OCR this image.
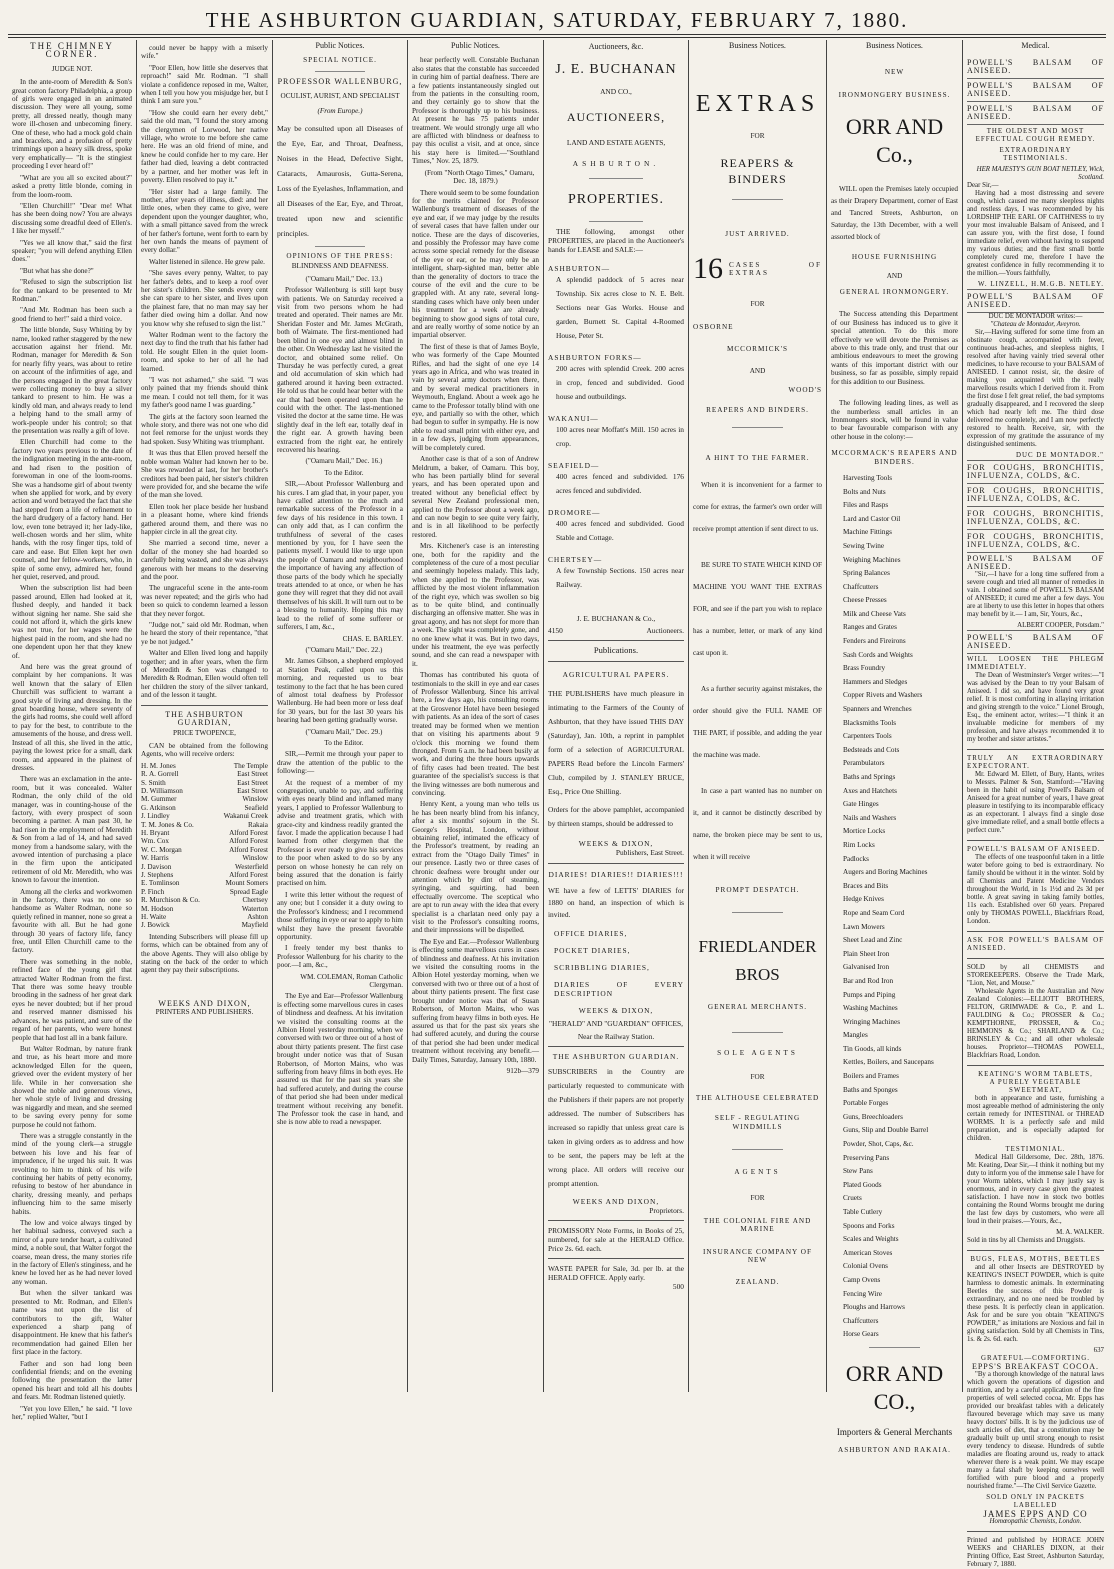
THE ASHBURTON GUARDIAN, SATURDAY, FEBRUARY 7, 1880.
THE CHIMNEY CORNER.
JUDGE NOT.

In the ante-room of Meredith & Son's great cotton factory Philadelphia, a group of girls were engaged in an animated discussion. They were all young, some pretty, all dressed neatly, though many wore ill-chosen and unbecoming finery. One of these, who had a mock gold chain and bracelets, and a profusion of pretty trimmings upon a heavy silk dress, spoke very emphatically— "It is the stingiest proceeding I ever heard of!"

"What are you all so excited about?" asked a pretty little blonde, coming in from the loom-room.

"Ellen Churchill!" "Dear me! What has she been doing now? You are always discussing some dreadful deed of Ellen's. I like her myself."

"Yes we all know that," said the first speaker; "you will defend anything Ellen does."

"But what has she done?"

"Refused to sign the subscription list for the tankard to be presented to Mr Rodman."

"And Mr. Rodman has been such a good friend to her!" said a third voice.

The little blonde, Susy Whiting by by name, looked rather staggered by the new accusation against her friend. Mr. Rodman, manager for Meredith & Son for nearly fifty years, was about to retire on account of the infirmities of age, and the persons engaged in the great factory were collecting money to buy a silver tankard to present to him. He was a kindly old man, and always ready to lend a helping hand to the small army of work-people under his control; so that the presentation was really a gift of love.

Ellen Churchill had come to the factory two years previous to the date of the indignation meeting in the ante-room, and had risen to the position of forewoman in one of the loom-rooms. She was a handsome girl of about twenty when she applied for work, and by every action and word betrayed the fact that she had stepped from a life of refinement to the hard drudgery of a factory hand. Her low, even tone betrayed it; her lady-like, well-chosen words and her slim, white hands, with the rosy finger tips, told of care and ease. But Ellen kept her own counsel, and her fellow-workers, who, in spite of some envy, admired her, found her quiet, reserved, and proud.

When the subscription list had been passed around, Ellen had looked at it, flushed deeply, and handed it back without signing her name. She said she could not afford it, which the girls knew was not true, for her wages were the highest paid in the room, and she had no one dependent upon her that they knew of.

And here was the great ground of complaint by her companions. It was well known that the salary of Ellen Churchill was sufficient to warrant a good style of living and dressing. In the great boarding house, where seventy of the girls had rooms, she could well afford to pay for the best, to contribute to the amusements of the house, and dress well. Instead of all this, she lived in the attic, paying the lowest price for a small, dark room, and appeared in the plainest of dresses.

There was an exclamation in the ante-room, but it was concealed. Walter Rodman, the only child of the old manager, was in counting-house of the factory, with every prospect of soon becoming a partner. A man past 30, he had risen in the employment of Meredith & Son from a lad of 14, and had saved money from a handsome salary, with the avowed intention of purchasing a place in the firm upon the anticipated retirement of old Mr. Meredith, who was known to favour the intention.

Among all the clerks and workwomen in the factory, there was no one so handsome as Walter Rodman, none so quietly refined in manner, none so great a favourite with all. But he had gone through 30 years of factory life, fancy free, until Ellen Churchill came to the factory.

There was something in the noble, refined face of the young girl that attracted Walter Rodman from the first. That there was some heavy trouble brooding in the sadness of her great dark eyes he never doubted; but if her proud and reserved manner dismissed his advances, he was patient, and sure of the regard of her parents, who were honest people that had lost all in a bank failure.

But Walter Rodman, by nature frank and true, as his heart more and more acknowledged Ellen for the queen, grieved over the evident mystery of her life. While in her conversation she showed the noble and generous views, her whole style of living and dressing was niggardly and mean, and she seemed to be saving every penny for some purpose he could not fathom.

There was a struggle constantly in the mind of the young clerk—a struggle between his love and his fear of imprudence, if he urged his suit. It was revolting to him to think of his wife continuing her habits of petty economy, refusing to bestow of her abundance in charity, dressing meanly, and perhaps influencing him to the same miserly habits.

The low and voice always tinged by her habitual sadness, conveyed such a mirror of a pure tender heart, a cultivated mind, a noble soul, that Walter forgot the coarse, mean dress, the many stories rife in the factory of Ellen's stinginess, and he knew he loved her as he had never loved any woman.

But when the silver tankard was presented to Mr. Rodman, and Ellen's name was not upon the list of contributors to the gift, Walter experienced a sharp pang of disappointment. He knew that his father's recommendation had gained Ellen her first place in the factory.

Father and son had long been confidential friends; and on the evening following the presentation the latter opened his heart and told all his doubts and fears. Mr. Rodman listened quietly.

"Yet you love Ellen," he said. "I love her," replied Walter, "but I

could never be happy with a miserly wife."

"Poor Ellen, how little she deserves that reproach!" said Mr. Rodman. "I shall violate a confidence reposed in me, Walter, when I tell you how you misjudge her, but I think I am sure you."

"How she could earn her every debt," said the old man, "I found the story among the clergymen of Lorwood, her native village, who wrote to me before she came here. He was an old friend of mine, and knew he could confide her to my care. Her father had died, leaving a debt contracted by a partner, and her mother was left in poverty. Ellen resolved to pay it."

"Her sister had a large family. The mother, after years of illness, died: and her little ones, when they came to give, were dependent upon the younger daughter, who, with a small pittance saved from the wreck of her father's fortune, went forth to earn by her own hands the means of payment of every dollar."

Walter listened in silence. He grew pale.

"She saves every penny, Walter, to pay her father's debts, and to keep a roof over her sister's children. She sends every cent she can spare to her sister, and lives upon the plainest fare, that no man may say her father died owing him a dollar. And now you know why she refused to sign the list."

Walter Rodman went to the factory the next day to find the truth that his father had told. He sought Ellen in the quiet loom-room, and spoke to her of all he had learned.

"I was not ashamed," she said. "I was only pained that my friends should think me mean. I could not tell them, for it was my father's good name I was guarding."

The girls at the factory soon learned the whole story, and there was not one who did not feel remorse for the unjust words they had spoken. Susy Whiting was triumphant.

It was thus that Ellen proved herself the noble woman Walter had known her to be. She was rewarded at last, for her brother's creditors had been paid, her sister's children were provided for, and she became the wife of the man she loved.

Ellen took her place beside her husband in a pleasant home, where kind friends gathered around them, and there was no happier circle in all the great city.

She married a second time, never a dollar of the money she had hoarded so carefully being wasted, and she was always generous with her means to the deserving and the poor.

The ungraceful scene in the ante-room was never repeated; and the girls who had been so quick to condemn learned a lesson that they never forgot.

"Judge not," said old Mr. Rodman, when he heard the story of their repentance, "that ye be not judged."

Walter and Ellen lived long and happily together; and in after years, when the firm of Meredith & Son was changed to Meredith & Rodman, Ellen would often tell her children the story of the silver tankard, and of the lesson it taught.

THE ASHBURTON GUARDIAN,
PRICE TWOPENCE,

CAN be obtained from the following Agents, who will receive orders:

H. M. Jones	The Temple
R. A. Gorrell	East Street
S. Smith	East Street
D. Williamson	East Street
M. Gummer	Winslow
G. Atkinson	Seafield
J. Lindley	Wakanui Creek
T. M. Jones & Co.	Rakaia
H. Bryant	Alford Forest
Wm. Cox	Alford Forest
W. C. Morgan	Alford Forest
W. Harris	Winslow
J. Davison	Westerfield
J. Stephens	Alford Forest
E. Tomlinson	Mount Somers
P. Finch	Spread Eagle
R. Murchison & Co.	Chertsey
M. Hodson	Waterton
H. Waite	Ashton
J. Bowick	Mayfield

Intending Subscribers will please fill up forms, which can be obtained from any of the above Agents. They will also oblige by stating on the back of the order to which agent they pay their subscriptions.

WEEKS AND DIXON,
PRINTERS AND PUBLISHERS.
Public Notices.
SPECIAL NOTICE.
PROFESSOR WALLENBURG,
OCULIST, AURIST, AND SPECIALIST
(From Europe.)
May be consulted upon all Diseases of the Eye, Ear, and Throat, Deafness, Noises in the Head, Defective Sight, Cataracts, Amaurosis, Gutta-Serena, Loss of the Eyelashes, Inflammation, and all Diseases of the Ear, Eye, and Throat, treated upon new and scientific principles.
OPINIONS OF THE PRESS:
BLINDNESS AND DEAFNESS.

("Oamaru Mail," Dec. 13.)

Professor Wallenburg is still kept busy with patients. We on Saturday received a visit from two persons whom he had treated and operated. Their names are Mr. Sheridan Foster and Mr. James McGrath, both of Waimate. The first-mentioned had been blind in one eye and almost blind in the other. On Wednesday last he visited the doctor, and obtained some relief. On Thursday he was perfectly cured, a great and old accumulation of skin which had gathered around it having been extracted. He told us that he could hear better with the ear that had been operated upon than he could with the other. The last-mentioned visited the doctor at the same time. He was slightly deaf in the left ear, totally deaf in the right ear. A growth having been extracted from the right ear, he entirely recovered his hearing.

("Oamaru Mail," Dec. 16.)

To the Editor.

SIR,—About Professor Wallenburg and his cures. I am glad that, in your paper, you have called attention to the much and remarkable success of the Professor in a few days of his residence in this town. I can only add that, as I can confirm the truthfulness of several of the cases mentioned by you, for I have seen the patients myself. I would like to urge upon the people of Oamaru and neighbourhood the importance of having any affection of those parts of the body which he specially treats attended to at once, or when he has gone they will regret that they did not avail themselves of his skill. It will turn out to be a blessing to humanity. Hoping this may lead to the relief of some sufferer or sufferers, I am, &c.,

CHAS. E. BARLEY.

("Oamaru Mail," Dec. 22.)

Mr. James Gibson, a shepherd employed at Station Peak, called upon us this morning, and requested us to bear testimony to the fact that he has been cured of almost total deafness by Professor Wallenburg. He had been more or less deaf for 30 years, but for the last 30 years his hearing had been getting gradually worse.

("Oamaru Mail," Dec. 29.)

To the Editor.

SIR,—Permit me through your paper to draw the attention of the public to the following:—

At the request of a member of my congregation, unable to pay, and suffering with eyes nearly blind and inflamed many years, I applied to Professor Wallenburg to advise and treatment gratis, which with grace-city and kindness readily granted the favor. I made the application because I had learned from other clergymen that the Professor is ever ready to give his services to the poor when asked to do so by any person on whose honesty he can rely on being assured that the donation is fairly practised on him.

I write this letter without the request of any one; but I consider it a duty owing to the Professor's kindness; and I recommend those suffering in eye or ear to apply to him whilst they have the present favorable opportunity.

I freely tender my best thanks to Professor Wallenburg for his charity to the poor.—I am, &c.,

WM. COLEMAN, Roman Catholic Clergyman.

The Eye and Ear—Professor Wallenburg is effecting some marvellous cures in cases of blindness and deafness. At his invitation we visited the consulting rooms at the Albion Hotel yesterday morning, when we conversed with two or three out of a host of about thirty patients present. The first case brought under notice was that of Susan Robertson, of Morton Mains, who was suffering from heavy films in both eyes. He assured us that for the past six years she had suffered acutely, and during the course of that period she had been under medical treatment without receiving any benefit. The Professor took the case in hand, and she is now able to read a newspaper.

Public Notices.

hear perfectly well. Constable Buchanan also states that the constable has succeeded in curing him of partial deafness. There are a few patients instantaneously singled out from the patients in the consulting room, and they certainly go to show that the Professor is thoroughly up to his business. At present he has 75 patients under treatment. We would strongly urge all who are afflicted with blindness or deafness to pay this oculist a visit, and at once, since his stay here is limited.—"Southland Times," Nov. 25, 1879.

(From "North Otago Times," Oamaru, Dec. 18, 1879.)

There would seem to be some foundation for the merits claimed for Professor Wallenburg's treatment of diseases of the eye and ear, if we may judge by the results of several cases that have fallen under our notice. These are the days of discoveries, and possibly the Professor may have come across some special remedy for the disease of the eye or ear, or he may only be an intelligent, sharp-sighted man, better able than the generality of doctors to trace the course of the evil and the cure to be grappled with. At any rate, several long-standing cases which have only been under his treatment for a week are already beginning to show good signs of total cure, and are really worthy of some notice by an impartial observer.

The first of these is that of James Boyle, who was formerly of the Cape Mounted Rifles, and had the sight of one eye 14 years ago in Africa, and who was treated in vain by several army doctors when there, and by several medical practitioners in Weymouth, England. About a week ago he came to the Professor totally blind with one eye, and partially so with the other, which had begun to suffer in sympathy. He is now able to read small print with either eye, and in a few days, judging from appearances, will be completely cured.

Another case is that of a son of Andrew Meldrum, a baker, of Oamaru. This boy, who has been partially blind for several years, and has been operated upon and treated without any beneficial effect by several New Zealand professional men, applied to the Professor about a week ago, and can now begin to see quite very fairly, and is in all likelihood to be perfectly restored.

Mrs. Kitchener's case is an interesting one, both for the rapidity and the completeness of the cure of a most peculiar and seemingly hopeless malady. This lady, when she applied to the Professor, was afflicted by the most violent inflammation of the right eye, which was swollen so big as to be quite blind, and continually discharging an offensive matter. She was in great agony, and has not slept for more than a week. The sight was completely gone, and no one knew what it was. But in two days, under his treatment, the eye was perfectly sound, and she can read a newspaper with it.

Thomas has contributed his quota of testimonials to the skill in eye and ear cases of Professor Wallenburg. Since his arrival here, a few days ago, his consulting rooms at the Grosvenor Hotel have been besieged with patients. As an idea of the sort of cases treated may be formed when we mention that on visiting his apartments about 9 o'clock this morning we found them thronged. From 6 a.m. he had been busily at work, and during the three hours upwards of fifty cases had been treated. The best guarantee of the specialist's success is that the living witnesses are both numerous and convincing.

Henry Kent, a young man who tells us he has been nearly blind from his infancy, after a six months' sojourn in the St. George's Hospital, London, without obtaining relief, intimated the efficacy of the Professor's treatment, by reading an extract from the "Otago Daily Times" in our presence. Lastly two or three cases of chronic deafness were brought under our attention which by dint of steaming, syringing, and squirting, had been effectually overcome. The sceptical who are apt to run away with the idea that every specialist is a charlatan need only pay a visit to the Professor's consulting rooms, and their impressions will be dispelled.

The Eye and Ear.—Professor Wallenburg is effecting some marvellous cures in cases of blindness and deafness. At his invitation we visited the consulting rooms in the Albion Hotel yesterday morning, when we conversed with two or three out of a host of about thirty patients present. The first case brought under notice was that of Susan Robertson, of Morton Mains, who was suffering from heavy films in both eyes. He assured us that for the past six years she had suffered acutely, and during the course of that period she had been under medical treatment without receiving any benefit.—Daily Times, Saturday, January 10th, 1880.

912b—379
Auctioneers, &c.
J. E. BUCHANAN
AND CO.,
AUCTIONEERS,
LAND AND ESTATE AGENTS,
ASHBURTON.
PROPERTIES.

THE following, amongst other PROPERTIES, are placed in the Auctioneer's hands for LEASE and SALE:—

ASHBURTON—
A splendid paddock of 5 acres near Township. Six acres close to N. E. Belt. Sections near Gas Works. House and garden, Burnett St. Capital 4-Roomed House, Peter St.
ASHBURTON FORKS—
200 acres with splendid Creek. 200 acres in crop, fenced and subdivided. Good house and outbuildings.
WAKANUI—
100 acres near Moffatt's Mill. 150 acres in crop.
SEAFIELD—
400 acres fenced and subdivided. 176 acres fenced and subdivided.
DROMORE—
400 acres fenced and subdivided. Good Stable and Cottage.
CHERTSEY—
A few Township Sections. 150 acres near Railway.
J. E. BUCHANAN & Co.,
4150	Auctioneers.
Publications.
AGRICULTURAL PAPERS.
THE PUBLISHERS have much pleasure in intimating to the Farmers of the County of Ashburton, that they have issued THIS DAY (Saturday), Jan. 10th, a reprint in pamphlet form of a selection of AGRICULTURAL PAPERS Read before the Lincoln Farmers' Club, compiled by J. STANLEY BRUCE, Esq., Price One Shilling.
Orders for the above pamphlet, accompanied by thirteen stamps, should be addressed to
WEEKS & DIXON,
Publishers, East Street.
DIARIES! DIARIES!! DIARIES!!!
WE have a few of LETTS' DIARIES for 1880 on hand, an inspection of which is invited.
OFFICE DIARIES,
POCKET DIARIES,
SCRIBBLING DIARIES,
DIARIES OF EVERY DESCRIPTION
WEEKS & DIXON,
"HERALD" AND "GUARDIAN" OFFICES,
Near the Railway Station.
THE ASHBURTON GUARDIAN.
SUBSCRIBERS in the Country are particularly requested to communicate with the Publishers if their papers are not properly addressed. The number of Subscribers has increased so rapidly that unless great care is taken in giving orders as to address and how to be sent, the papers may be left at the wrong place. All orders will receive our prompt attention.
WEEKS AND DIXON,
Proprietors.
PROMISSORY Note Forms, in Books of 25, numbered, for sale at the HERALD Office. Price 2s. 6d. each.
WASTE PAPER for Sale, 3d. per lb. at the HERALD OFFICE. Apply early.
500
Business Notices.
EXTRAS
FOR
REAPERS & BINDERS
JUST ARRIVED.
16 CASES OF EXTRAS
FOR
OSBORNE
MCCORMICK'S
AND
WOOD'S
REAPERS AND BINDERS.
A HINT TO THE FARMER.

When it is inconvenient for a farmer to come for extras, the farmer's own order will receive prompt attention if sent direct to us.

BE SURE TO STATE WHICH KIND OF MACHINE YOU WANT THE EXTRAS FOR, and see if the part you wish to replace has a number, letter, or mark of any kind cast upon it.

As a further security against mistakes, the order should give the FULL NAME OF THE PART, if possible, and adding the year the machine was made.

In case a part wanted has no number on it, and it cannot be distinctly described by name, the broken piece may be sent to us, when it will receive

PROMPT DESPATCH.
FRIEDLANDER BROS
GENERAL MERCHANTS.
SOLE AGENTS
FOR
THE ALTHOUSE CELEBRATED
SELF - REGULATING WINDMILLS
AGENTS
FOR
THE COLONIAL FIRE AND MARINE
INSURANCE COMPANY OF NEW
ZEALAND.
Business Notices.
NEW
IRONMONGERY BUSINESS.
ORR AND Co.,

WILL open the Premises lately occupied as their Drapery Department, corner of East and Tancred Streets, Ashburton, on Saturday, the 13th December, with a well assorted block of

HOUSE FURNISHING
AND
GENERAL IRONMONGERY.

The Success attending this Department of our Business has induced us to give it special attention. To do this more effectively we will devote the Premises as above to this trade only, and trust that our ambitious endeavours to meet the growing wants of this important district with our business, so far as possible, simply repaid for this addition to our Business.

The following leading lines, as well as the numberless small articles in an Ironmongers stock, will be found in value to bear favourable comparison with any other house in the colony:—

MCCORMACK'S REAPERS AND BINDERS.
Harvesting Tools
Bolts and Nuts
Files and Rasps
Lard and Castor Oil
Machine Fittings
Sewing Twine
Weighing Machines
Spring Balances
Chaffcutters
Cheese Presses
Milk and Cheese Vats
Ranges and Grates
Fenders and Fireirons
Sash Cords and Weights
Brass Foundry
Hammers and Sledges
Copper Rivets and Washers
Spanners and Wrenches
Blacksmiths Tools
Carpenters Tools
Bedsteads and Cots
Perambulators
Baths and Springs
Axes and Hatchets
Gate Hinges
Nails and Washers
Mortice Locks
Rim Locks
Padlocks
Augers and Boring Machines
Braces and Bits
Hedge Knives
Rope and Seam Cord
Lawn Mowers
Sheet Lead and Zinc
Plain Sheet Iron
Galvanised Iron
Bar and Rod Iron
Pumps and Piping
Washing Machines
Wringing Machines
Mangles
Tin Goods, all kinds
Kettles, Boilers, and Saucepans
Boilers and Frames
Baths and Sponges
Portable Forges
Guns, Breechloaders
Guns, Slip and Double Barrel
Powder, Shot, Caps, &c.
Preserving Pans
Stew Pans
Plated Goods
Cruets
Table Cutlery
Spoons and Forks
Scales and Weights
American Stoves
Colonial Ovens
Camp Ovens
Fencing Wire
Ploughs and Harrows
Chaffcutters
Horse Gears
ORR AND CO.,
Importers & General Merchants
ASHBURTON AND RAKAIA.
Medical.
POWELL'S BALSAM OF ANISEED.
POWELL'S BALSAM OF ANISEED.
POWELL'S BALSAM OF ANISEED.
THE OLDEST AND MOST EFFECTUAL COUGH REMEDY.
EXTRAORDINARY TESTIMONIALS.
HER MAJESTY'S GUN BOAT NETLEY, Wick, Scotland.
Dear Sir,—

Having had a most distressing and severe cough, which caused me many sleepless nights and restless days, I was recommended by his LORDSHIP THE EARL OF CAITHNESS to try your most invaluable Balsam of Aniseed, and I can assure you, with the first dose, I found immediate relief, even without having to suspend my various duties; and the first small bottle completely cured me, therefore I have the greatest confidence in fully recommending it to the million.—Yours faithfully,

W. LINZELL, H.M.G.B. NETLEY.
POWELL'S BALSAM OF ANISEED.
DUC DE MONTADOR writes:—
"Chateau de Montador, Aveyron.

Sir,—Having suffered for some time from an obstinate cough, accompanied with fever, continuous head-aches, and sleepless nights, I resolved after having vainly tried several other medicines, to have recourse to your BALSAM of ANISEED. I cannot resist, sir, the desire of making you acquainted with the really marvellous results which I derived from it. From the first dose I felt great relief, the bad symptoms gradually disappeared, and I recovered the sleep which had nearly left me. The third dose delivered me completely, and I am now perfectly restored to health. Receive, sir, with the expression of my gratitude the assurance of my distinguished sentiments.

DUC DE MONTADOR."
FOR COUGHS, BRONCHITIS, INFLUENZA, COLDS, &C.
FOR COUGHS, BRONCHITIS, INFLUENZA, COLDS, &C.
FOR COUGHS, BRONCHITIS, INFLUENZA, COLDS, &C.
FOR COUGHS, BRONCHITIS, INFLUENZA, COLDS, &C.
POWELL'S BALSAM OF ANISEED.

"Sir,—I have for a long time suffered from a severe cough and tried all manner of remedies in vain. I obtained some of POWELL'S BALSAM of ANISEED; it cured me after a few days. You are at liberty to use this letter in hopes that others may benefit by it.— I am, Sir, Yours, &c.,

ALBERT COOPER, Potsdam."
POWELL'S BALSAM OF ANISEED.
WILL LOOSEN THE PHLEGM IMMEDIATELY.

The Dean of Westminster's Verger writes:—"I was advised by the Dean to try your Balsam of Aniseed. I did so, and have found very great relief. It is most comforting in allaying irritation and giving strength to the voice." Lionel Brough, Esq., the eminent actor, writes:—"I think it an invaluable medicine for members of my profession, and have always recommended it to my brother and sister artistes."

TRULY AN EXTRAORDINARY EXPECTORANT.

Mr. Edward M. Ellett, of Bury, Hants, writes to Messrs. Palmer & Son, Stamford:—"Having been in the habit of using Powell's Balsam of Aniseed for a great number of years, I have great pleasure in testifying to its incomparable efficacy as an expectorant. I always find a single dose give immediate relief, and a small bottle effects a perfect cure."

POWELL'S BALSAM OF ANISEED.

The effects of one teaspoonful taken in a little water before going to bed is extraordinary. No family should be without it in the winter. Sold by all Chemists and Patent Medicine Vendors throughout the World, in 1s 1½d and 2s 3d per bottle. A great saving in taking family bottles, 11s each. Established over 60 years. Prepared only by THOMAS POWELL, Blackfriars Road, London.

ASK FOR POWELL'S BALSAM OF ANISEED.
SOLD by all CHEMISTS and STOREKEEPERS. Observe the Trade Mark, "Lion, Net, and Mouse."

Wholesale Agents in the Australian and New Zealand Colonies:—ELLIOTT BROTHERS, FELTON, GRIMWADE & Co., P. and L. FAULDING & Co.; PROSSER & Co.; KEMPTHORNE, PROSSER, & Co.; HEMMONS & Co.; SHARLAND & Co.; BRINSLEY & Co.; and all other wholesale houses. Proprietor—THOMAS POWELL, Blackfriars Road, London.

KEATING'S WORM TABLETS,
A PURELY VEGETABLE SWEETMEAT,

both in appearance and taste, furnishing a most agreeable method of administering the only certain remedy for INTESTINAL or THREAD WORMS. It is a perfectly safe and mild preparation, and is especially adapted for children.

TESTIMONIAL.

Medical Hall Gildersome, Dec. 28th, 1876. Mr. Keating, Dear Sir,—I think it nothing but my duty to inform you of the immense sale I have for your Worm tablets, which I may justly say is enormous, and in every case given the greatest satisfaction. I have now in stock two bottles containing the Round Worms brought me during the last few days by customers, who were all loud in their praises.—Yours, &c.,

M. A. WALKER.
Sold in tins by all Chemists and Druggists.
BUGS, FLEAS, MOTHS, BEETLES

and all other Insects are DESTROYED by KEATING'S INSECT POWDER, which is quite harmless to domestic animals. In exterminating Beetles the success of this Powder is extraordinary, and no one need be troubled by these pests. It is perfectly clean in application. Ask for and be sure you obtain "KEATING'S POWDER," as imitations are Noxious and fail in giving satisfaction. Sold by all Chemists in Tins, 1s. & 2s. 6d. each.

637
GRATEFUL—COMFORTING.
EPPS'S BREAKFAST COCOA.

"By a thorough knowledge of the natural laws which govern the operations of digestion and nutrition, and by a careful application of the fine properties of well selected cocoa, Mr. Epps has provided our breakfast tables with a delicately flavoured beverage which may save us many heavy doctors' bills. It is by the judicious use of such articles of diet, that a constitution may be gradually built up until strong enough to resist every tendency to disease. Hundreds of subtle maladies are floating around us, ready to attack wherever there is a weak point. We may escape many a fatal shaft by keeping ourselves well fortified with pure blood and a properly nourished frame."—The Civil Service Gazette.

SOLD ONLY IN PACKETS LABELLED
JAMES EPPS AND CO
Homœopathic Chemists, London.
Printed and published by HORACE JOHN WEEKS and CHARLES DIXON, at their Printing Office, East Street, Ashburton Saturday, February 7, 1880.
